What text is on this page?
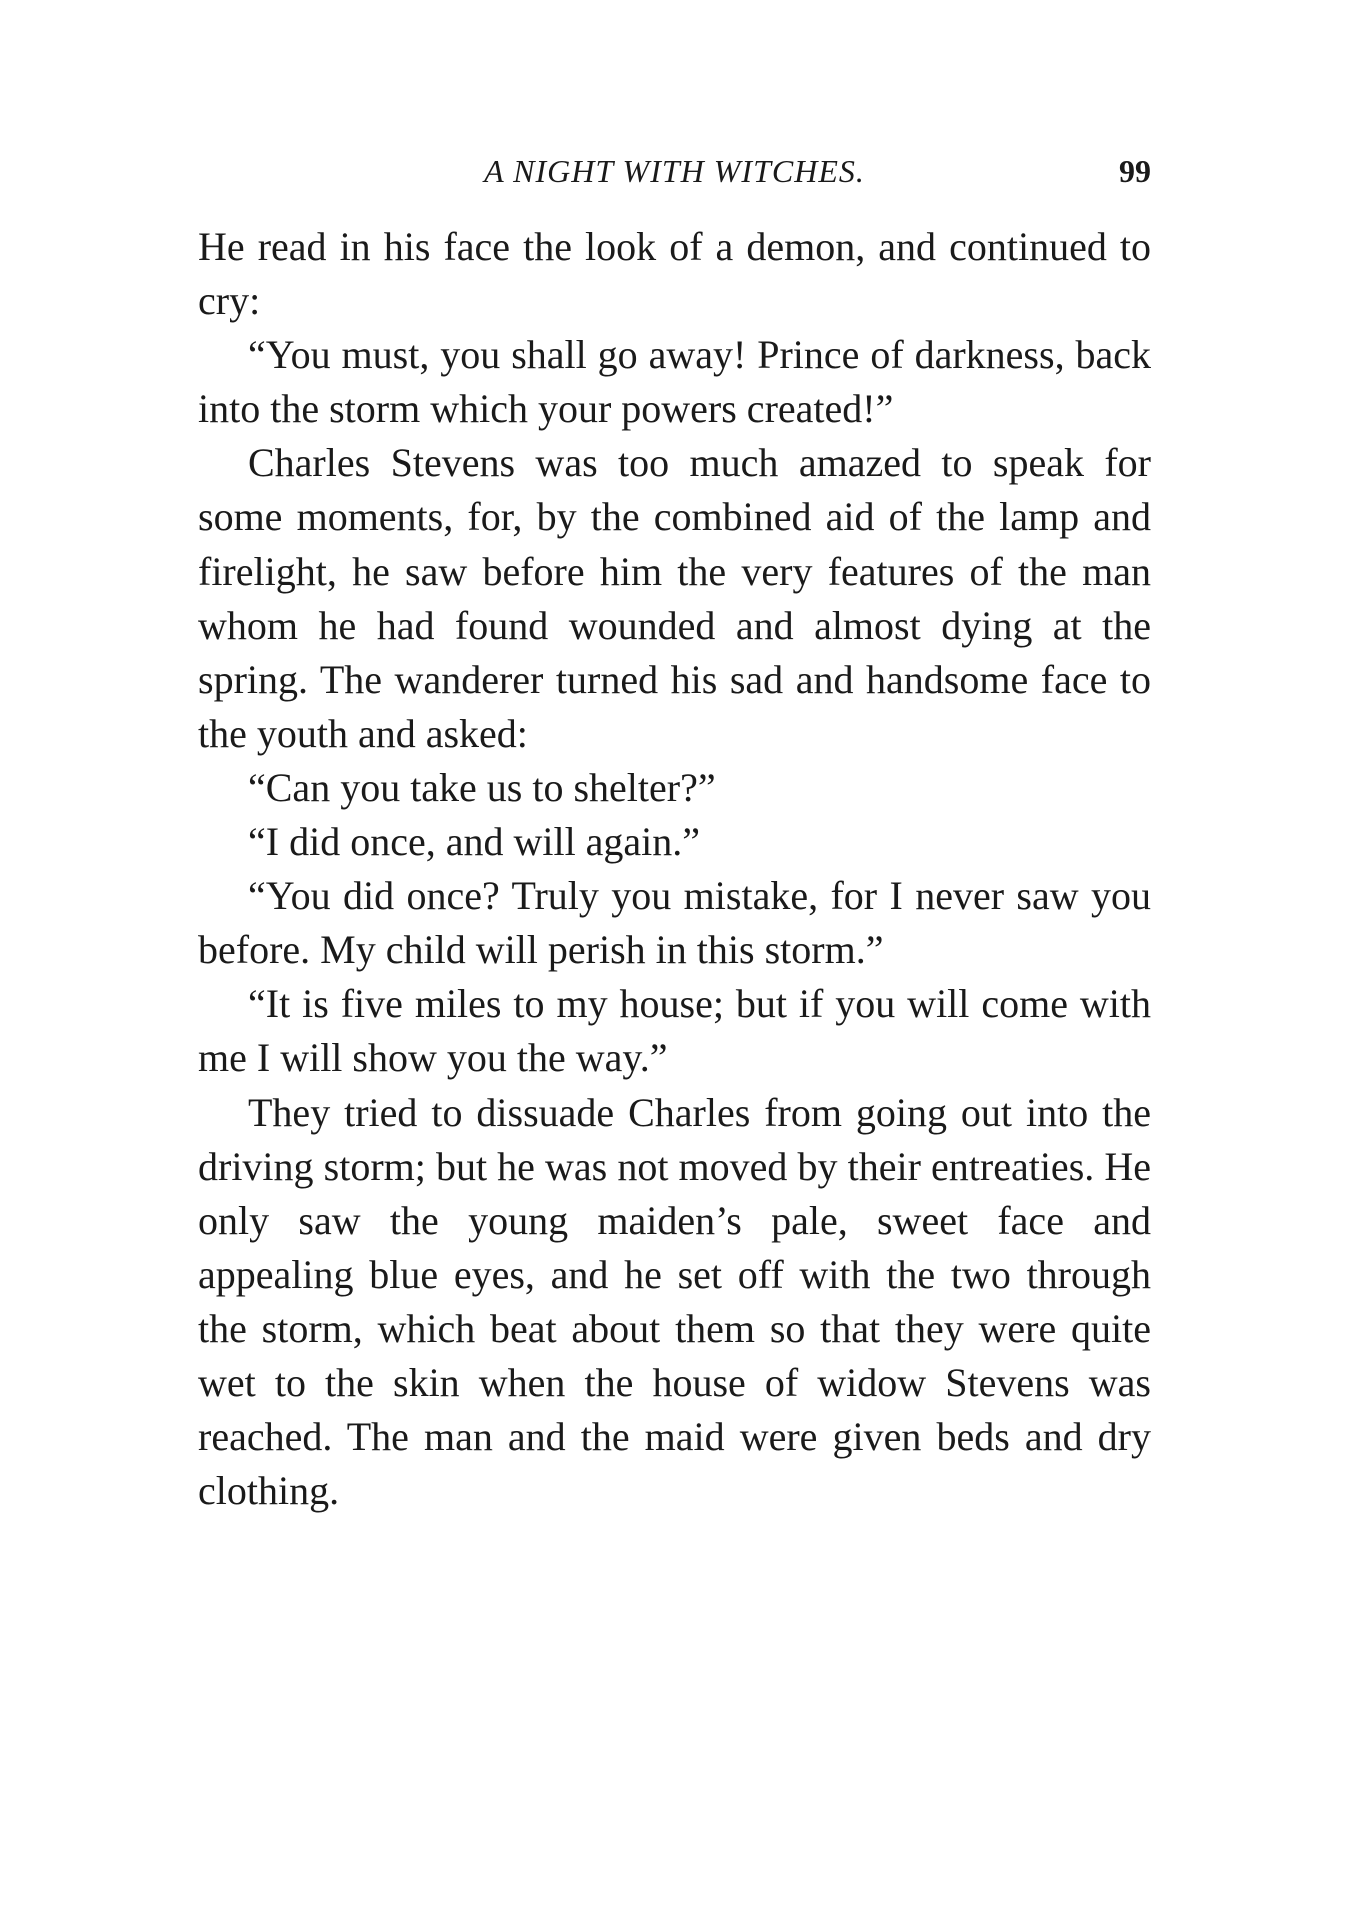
A NIGHT WITH WITCHES.	99

He read in his face the look of a demon, and continued to cry:

“You must, you shall go away! Prince of darkness, back into the storm which your powers created!”

Charles Stevens was too much amazed to speak for some moments, for, by the combined aid of the lamp and firelight, he saw before him the very features of the man whom he had found wounded and almost dying at the spring. The wanderer turned his sad and handsome face to the youth and asked:

“Can you take us to shelter?”

“I did once, and will again.”

“You did once? Truly you mistake, for I never saw you before. My child will perish in this storm.”

“It is five miles to my house; but if you will come with me I will show you the way.”

They tried to dissuade Charles from going out into the driving storm; but he was not moved by their entreaties. He only saw the young maiden’s pale, sweet face and appealing blue eyes, and he set off with the two through the storm, which beat about them so that they were quite wet to the skin when the house of widow Stevens was reached. The man and the maid were given beds and dry clothing.
